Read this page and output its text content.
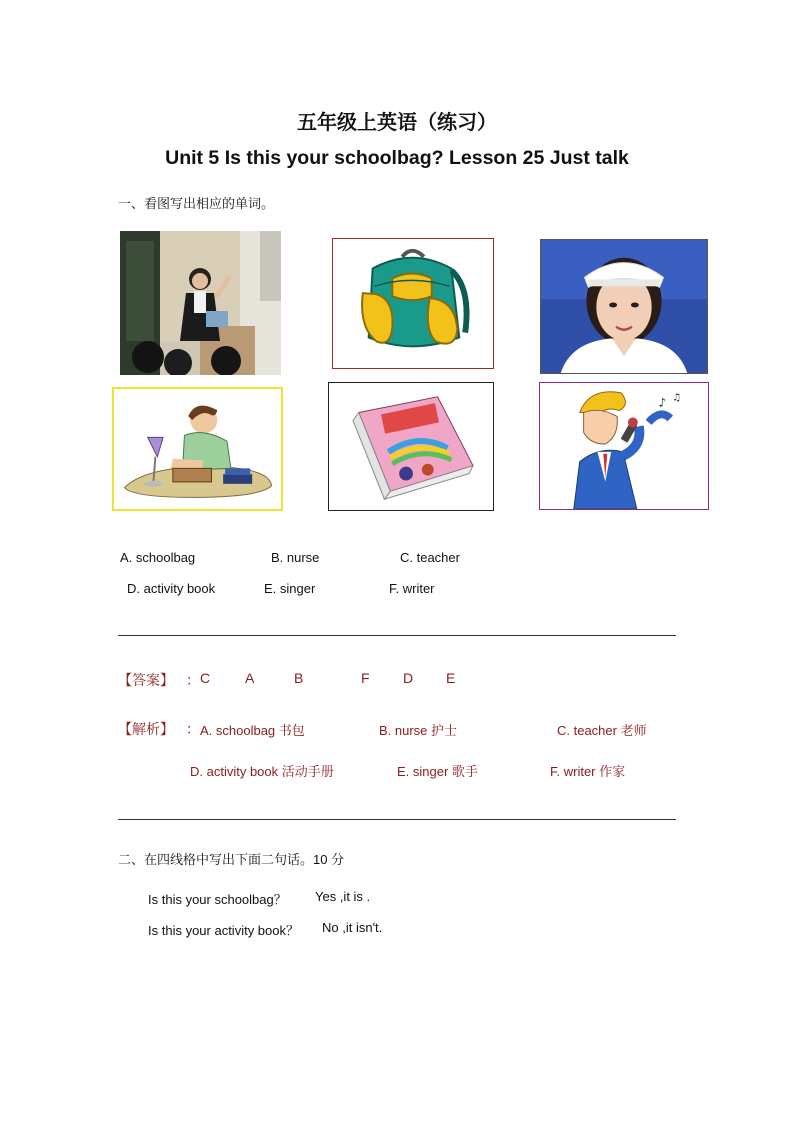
五年级上英语（练习）
Unit 5 Is this your schoolbag? Lesson 25 Just talk
一、看图写出相应的单词。
♪ ♫
A. schoolbag	B. nurse	C. teacher
D. activity book	E. singer	F. writer
【答案】 ： C A	B	F D E
【解析】 ： A. schoolbag 书包	B. nurse 护士	C. teacher 老师
D. activity book 活动手册	E. singer 歌手	F. writer 作家
二、在四线格中写出下面二句话。10 分
Is this your schoolbag？ Yes ,it is .
Is this your activity book？ No ,it isn't.
